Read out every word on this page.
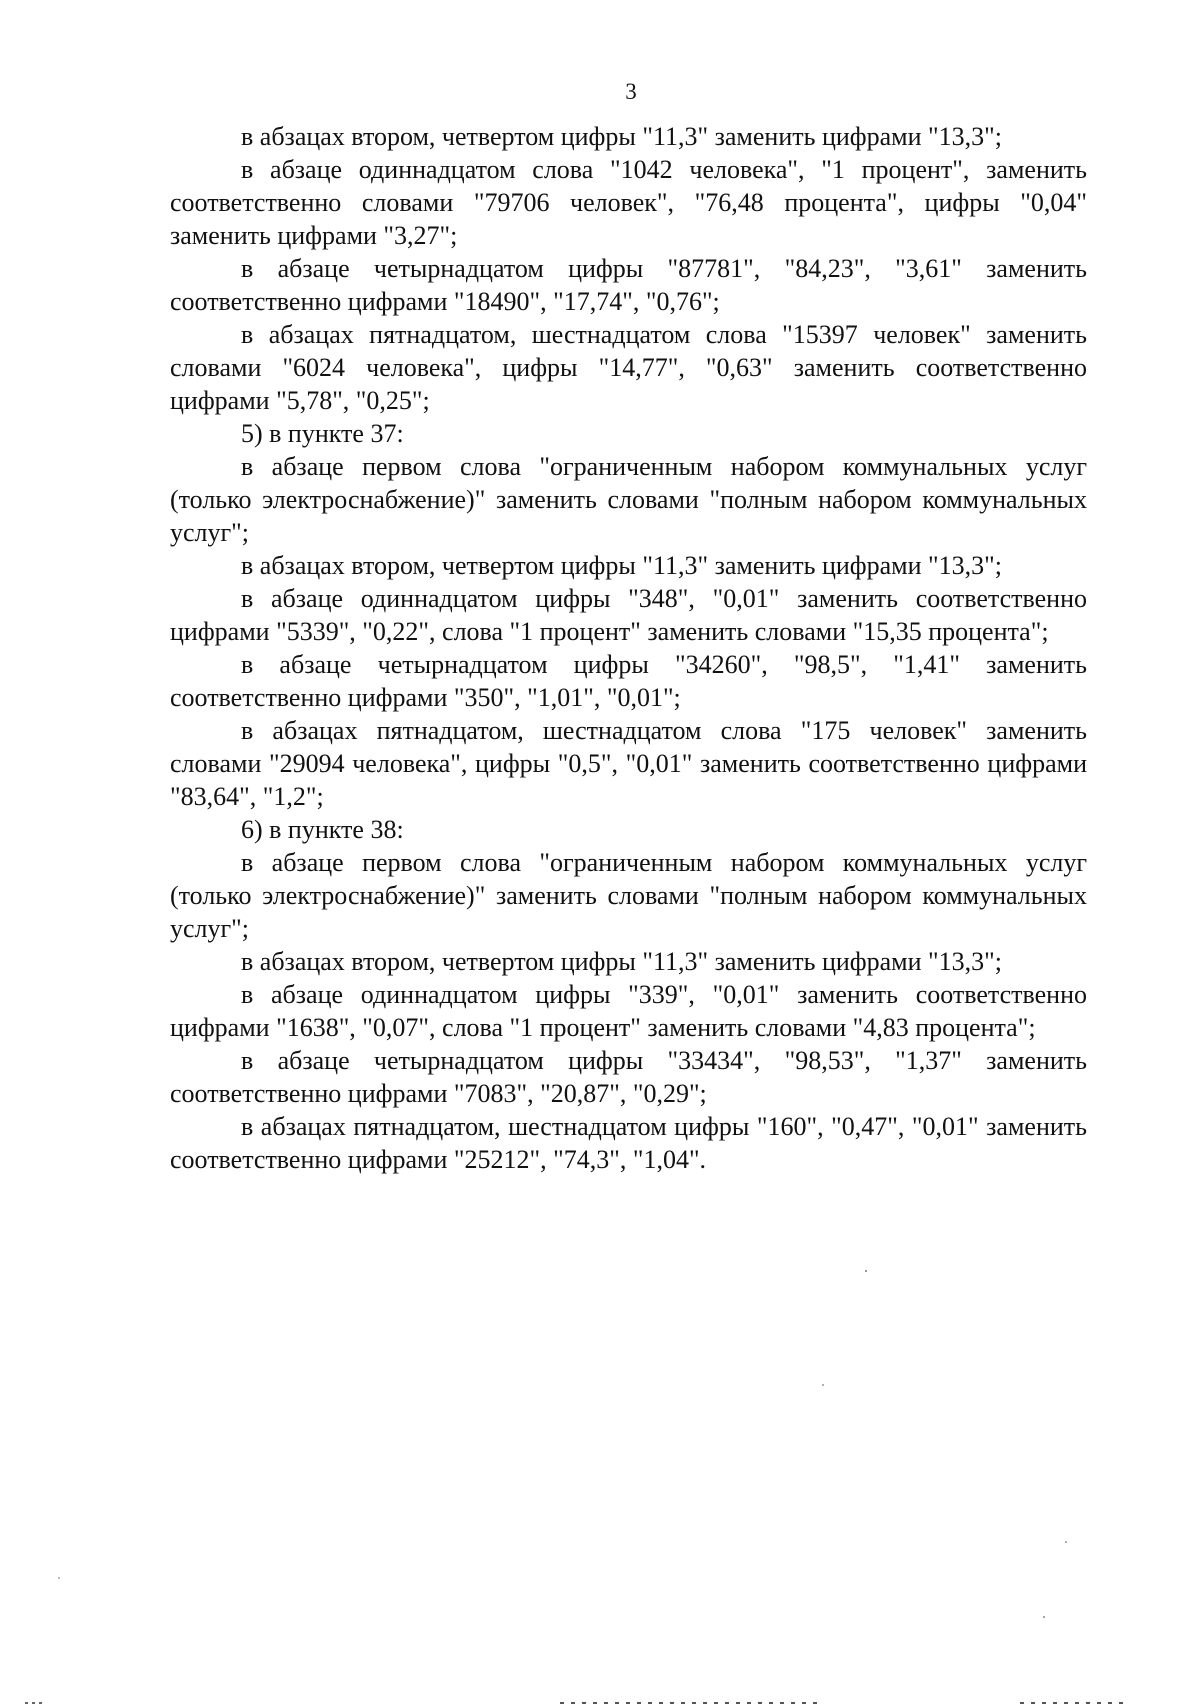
3

в абзацах втором, четвертом цифры "11,3" заменить цифрами "13,3";

в абзаце одиннадцатом слова "1042 человека", "1 процент", заменить соответственно словами "79706 человек", "76,48 процента", цифры "0,04" заменить цифрами "3,27";

в абзаце четырнадцатом цифры "87781", "84,23", "3,61" заменить соответственно цифрами "18490", "17,74", "0,76";

в абзацах пятнадцатом, шестнадцатом слова "15397 человек" заменить словами "6024 человека", цифры "14,77", "0,63" заменить соответственно цифрами "5,78", "0,25";

5) в пункте 37:

в абзаце первом слова "ограниченным набором коммунальных услуг (только электроснабжение)" заменить словами "полным набором коммунальных услуг";

в абзацах втором, четвертом цифры "11,3" заменить цифрами "13,3";

в абзаце одиннадцатом цифры "348", "0,01" заменить соответственно цифрами "5339", "0,22", слова "1 процент" заменить словами "15,35 процента";

в абзаце четырнадцатом цифры "34260", "98,5", "1,41" заменить соответственно цифрами "350", "1,01", "0,01";

в абзацах пятнадцатом, шестнадцатом слова "175 человек" заменить словами "29094 человека", цифры "0,5", "0,01" заменить соответственно цифрами "83,64", "1,2";

6) в пункте 38:

в абзаце первом слова "ограниченным набором коммунальных услуг (только электроснабжение)" заменить словами "полным набором коммунальных услуг";

в абзацах втором, четвертом цифры "11,3" заменить цифрами "13,3";

в абзаце одиннадцатом цифры "339", "0,01" заменить соответственно цифрами "1638", "0,07", слова "1 процент" заменить словами "4,83 процента";

в абзаце четырнадцатом цифры "33434", "98,53", "1,37" заменить соответственно цифрами "7083", "20,87", "0,29";

в абзацах пятнадцатом, шестнадцатом цифры "160", "0,47", "0,01" заменить соответственно цифрами "25212", "74,3", "1,04".
